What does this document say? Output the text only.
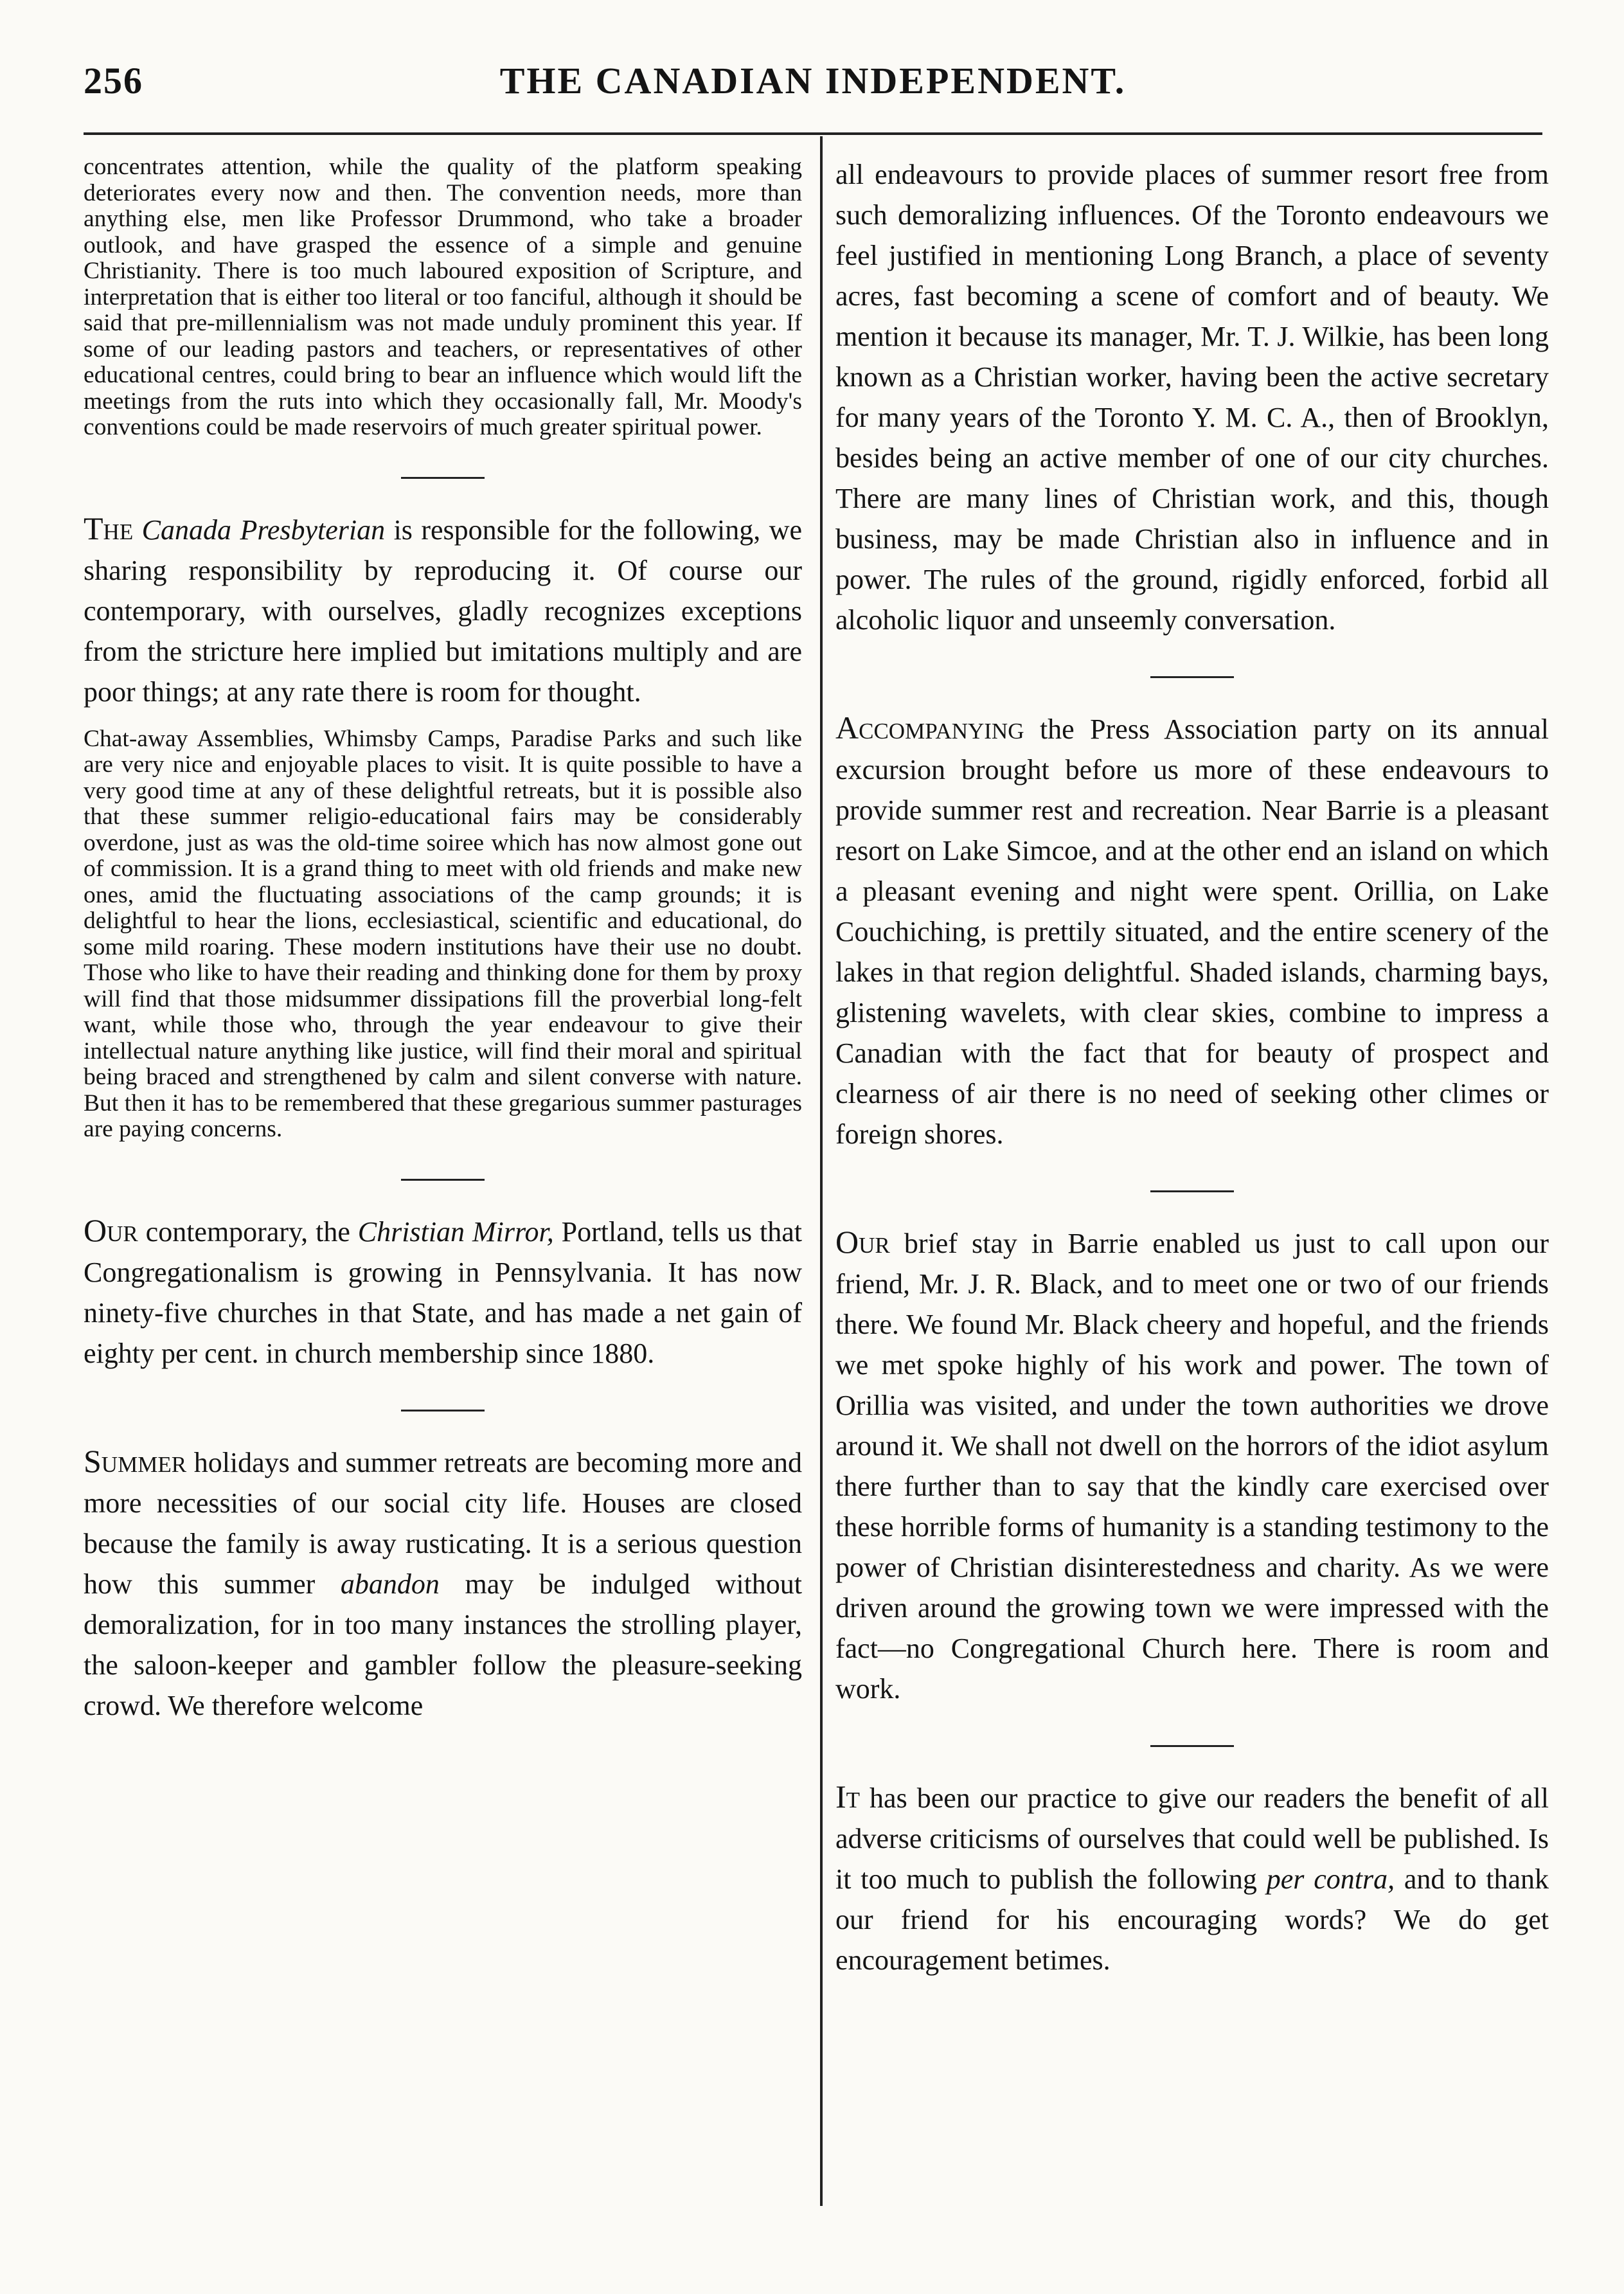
256	THE CANADIAN INDEPENDENT.

concentrates attention, while the quality of the platform speaking deteriorates every now and then. The convention needs, more than anything else, men like Professor Drummond, who take a broader outlook, and have grasped the essence of a simple and genuine Christianity. There is too much laboured exposition of Scripture, and interpretation that is either too literal or too fanciful, although it should be said that pre-millennialism was not made unduly prominent this year. If some of our leading pastors and teachers, or representatives of other educational centres, could bring to bear an influence which would lift the meetings from the ruts into which they occasionally fall, Mr. Moody's conventions could be made reservoirs of much greater spiritual power.

The Canada Presbyterian is responsible for the following, we sharing responsibility by reproducing it. Of course our contemporary, with ourselves, gladly recognizes exceptions from the stricture here implied but imitations multiply and are poor things; at any rate there is room for thought.

Chat-away Assemblies, Whimsby Camps, Paradise Parks and such like are very nice and enjoyable places to visit. It is quite possible to have a very good time at any of these delightful retreats, but it is possible also that these summer religio-educational fairs may be considerably overdone, just as was the old-time soiree which has now almost gone out of commission. It is a grand thing to meet with old friends and make new ones, amid the fluctuating associations of the camp grounds; it is delightful to hear the lions, ecclesiastical, scientific and educational, do some mild roaring. These modern institutions have their use no doubt. Those who like to have their reading and thinking done for them by proxy will find that those midsummer dissipations fill the proverbial long-felt want, while those who, through the year endeavour to give their intellectual nature anything like justice, will find their moral and spiritual being braced and strengthened by calm and silent converse with nature. But then it has to be remembered that these gregarious summer pasturages are paying concerns.

Our contemporary, the Christian Mirror, Portland, tells us that Congregationalism is growing in Pennsylvania. It has now ninety-five churches in that State, and has made a net gain of eighty per cent. in church membership since 1880.

Summer holidays and summer retreats are becoming more and more necessities of our social city life. Houses are closed because the family is away rusticating. It is a serious question how this summer abandon may be indulged without demoralization, for in too many instances the strolling player, the saloon-keeper and gambler follow the pleasure-seeking crowd. We therefore welcome

all endeavours to provide places of summer resort free from such demoralizing influences. Of the Toronto endeavours we feel justified in mentioning Long Branch, a place of seventy acres, fast becoming a scene of comfort and of beauty. We mention it because its manager, Mr. T. J. Wilkie, has been long known as a Christian worker, having been the active secretary for many years of the Toronto Y. M. C. A., then of Brooklyn, besides being an active member of one of our city churches. There are many lines of Christian work, and this, though business, may be made Christian also in influence and in power. The rules of the ground, rigidly enforced, forbid all alcoholic liquor and unseemly conversation.

Accompanying the Press Association party on its annual excursion brought before us more of these endeavours to provide summer rest and recreation. Near Barrie is a pleasant resort on Lake Simcoe, and at the other end an island on which a pleasant evening and night were spent. Orillia, on Lake Couchiching, is prettily situated, and the entire scenery of the lakes in that region delightful. Shaded islands, charming bays, glistening wavelets, with clear skies, combine to impress a Canadian with the fact that for beauty of prospect and clearness of air there is no need of seeking other climes or foreign shores.

Our brief stay in Barrie enabled us just to call upon our friend, Mr. J. R. Black, and to meet one or two of our friends there. We found Mr. Black cheery and hopeful, and the friends we met spoke highly of his work and power. The town of Orillia was visited, and under the town authorities we drove around it. We shall not dwell on the horrors of the idiot asylum there further than to say that the kindly care exercised over these horrible forms of humanity is a standing testimony to the power of Christian disinterestedness and charity. As we were driven around the growing town we were impressed with the fact—no Congregational Church here. There is room and work.

It has been our practice to give our readers the benefit of all adverse criticisms of ourselves that could well be published. Is it too much to publish the following per contra, and to thank our friend for his encouraging words? We do get encouragement betimes.
